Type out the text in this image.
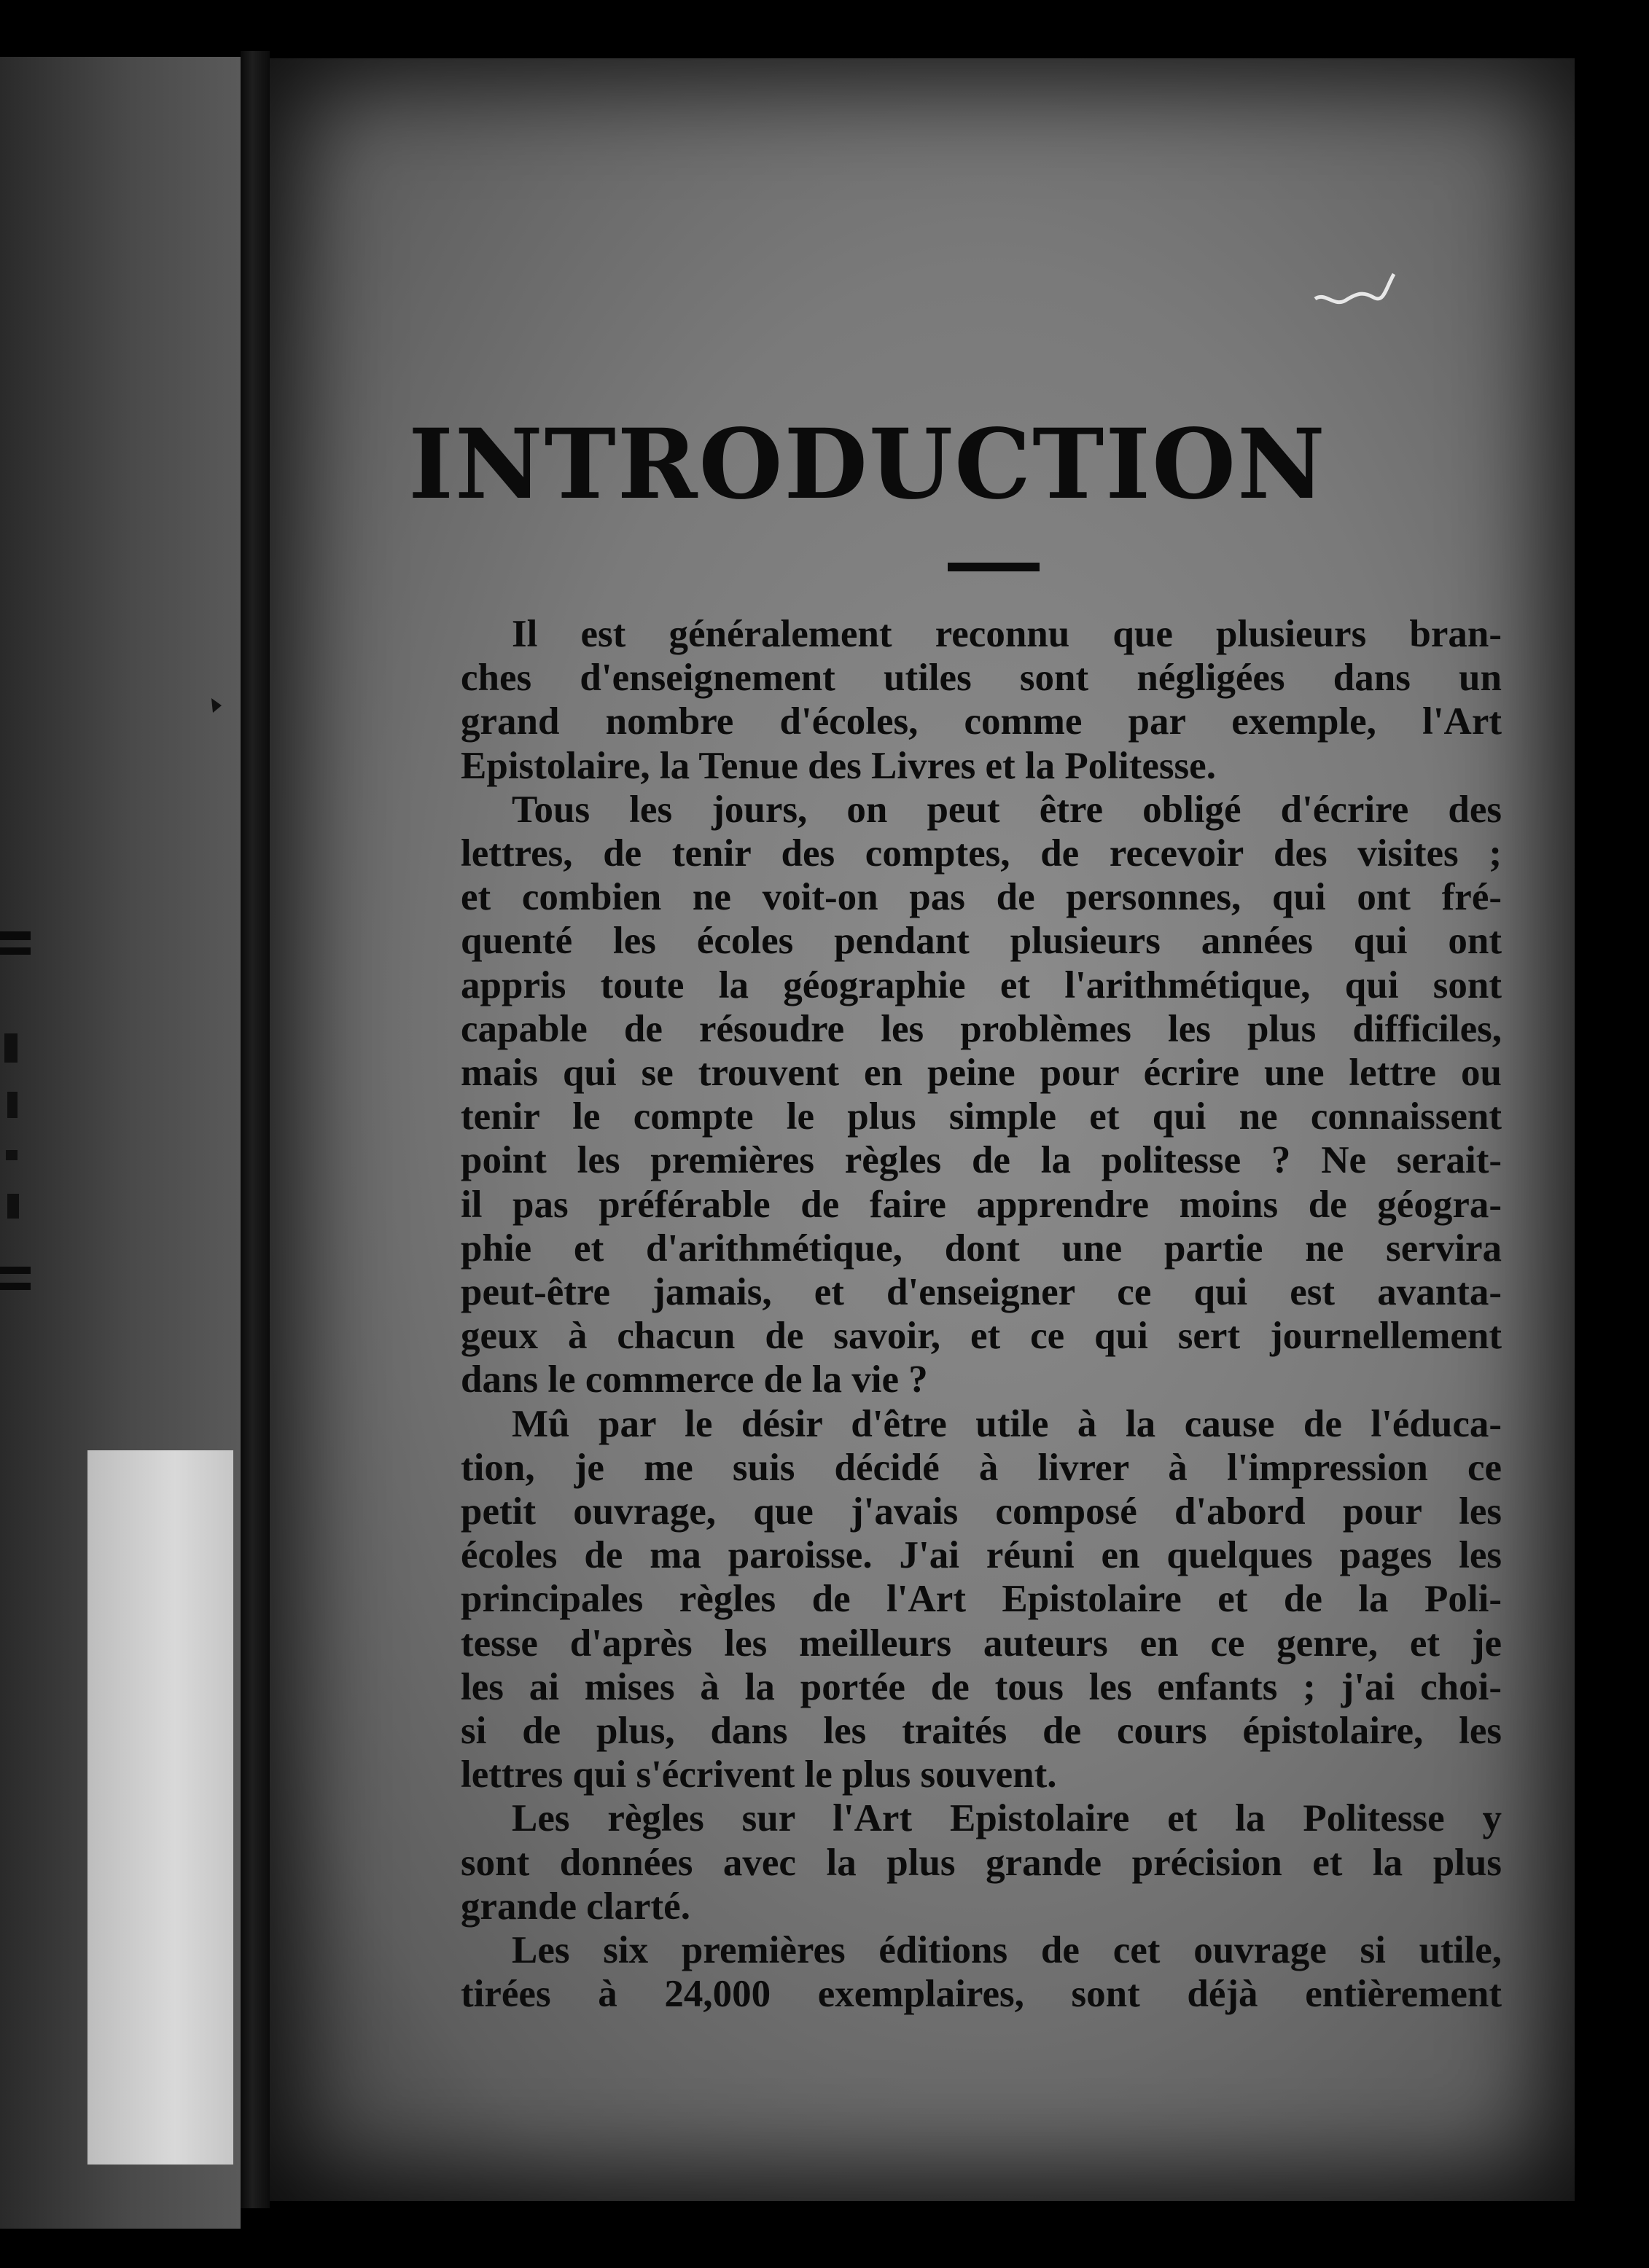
INTRODUCTION
Il est généralement reconnu que plusieurs bran-
ches d'enseignement utiles sont négligées dans un
grand nombre d'écoles, comme par exemple, l'Art
Epistolaire, la Tenue des Livres et la Politesse.
Tous les jours, on peut être obligé d'écrire des
lettres, de tenir des comptes, de recevoir des visites ;
et combien ne voit-on pas de personnes, qui ont fré-
quenté les écoles pendant plusieurs années qui ont
appris toute la géographie et l'arithmétique, qui sont
capable de résoudre les problèmes les plus difficiles,
mais qui se trouvent en peine pour écrire une lettre ou
tenir le compte le plus simple et qui ne connaissent
point les premières règles de la politesse ? Ne serait-
il pas préférable de faire apprendre moins de géogra-
phie et d'arithmétique, dont une partie ne servira
peut-être jamais, et d'enseigner ce qui est avanta-
geux à chacun de savoir, et ce qui sert journellement
dans le commerce de la vie ?
Mû par le désir d'être utile à la cause de l'éduca-
tion, je me suis décidé à livrer à l'impression ce
petit ouvrage, que j'avais composé d'abord pour les
écoles de ma paroisse. J'ai réuni en quelques pages les
principales règles de l'Art Epistolaire et de la Poli-
tesse d'après les meilleurs auteurs en ce genre, et je
les ai mises à la portée de tous les enfants ; j'ai choi-
si de plus, dans les traités de cours épistolaire, les
lettres qui s'écrivent le plus souvent.
Les règles sur l'Art Epistolaire et la Politesse y
sont données avec la plus grande précision et la plus
grande clarté.
Les six premières éditions de cet ouvrage si utile,
tirées à 24,000 exemplaires, sont déjà entièrement
